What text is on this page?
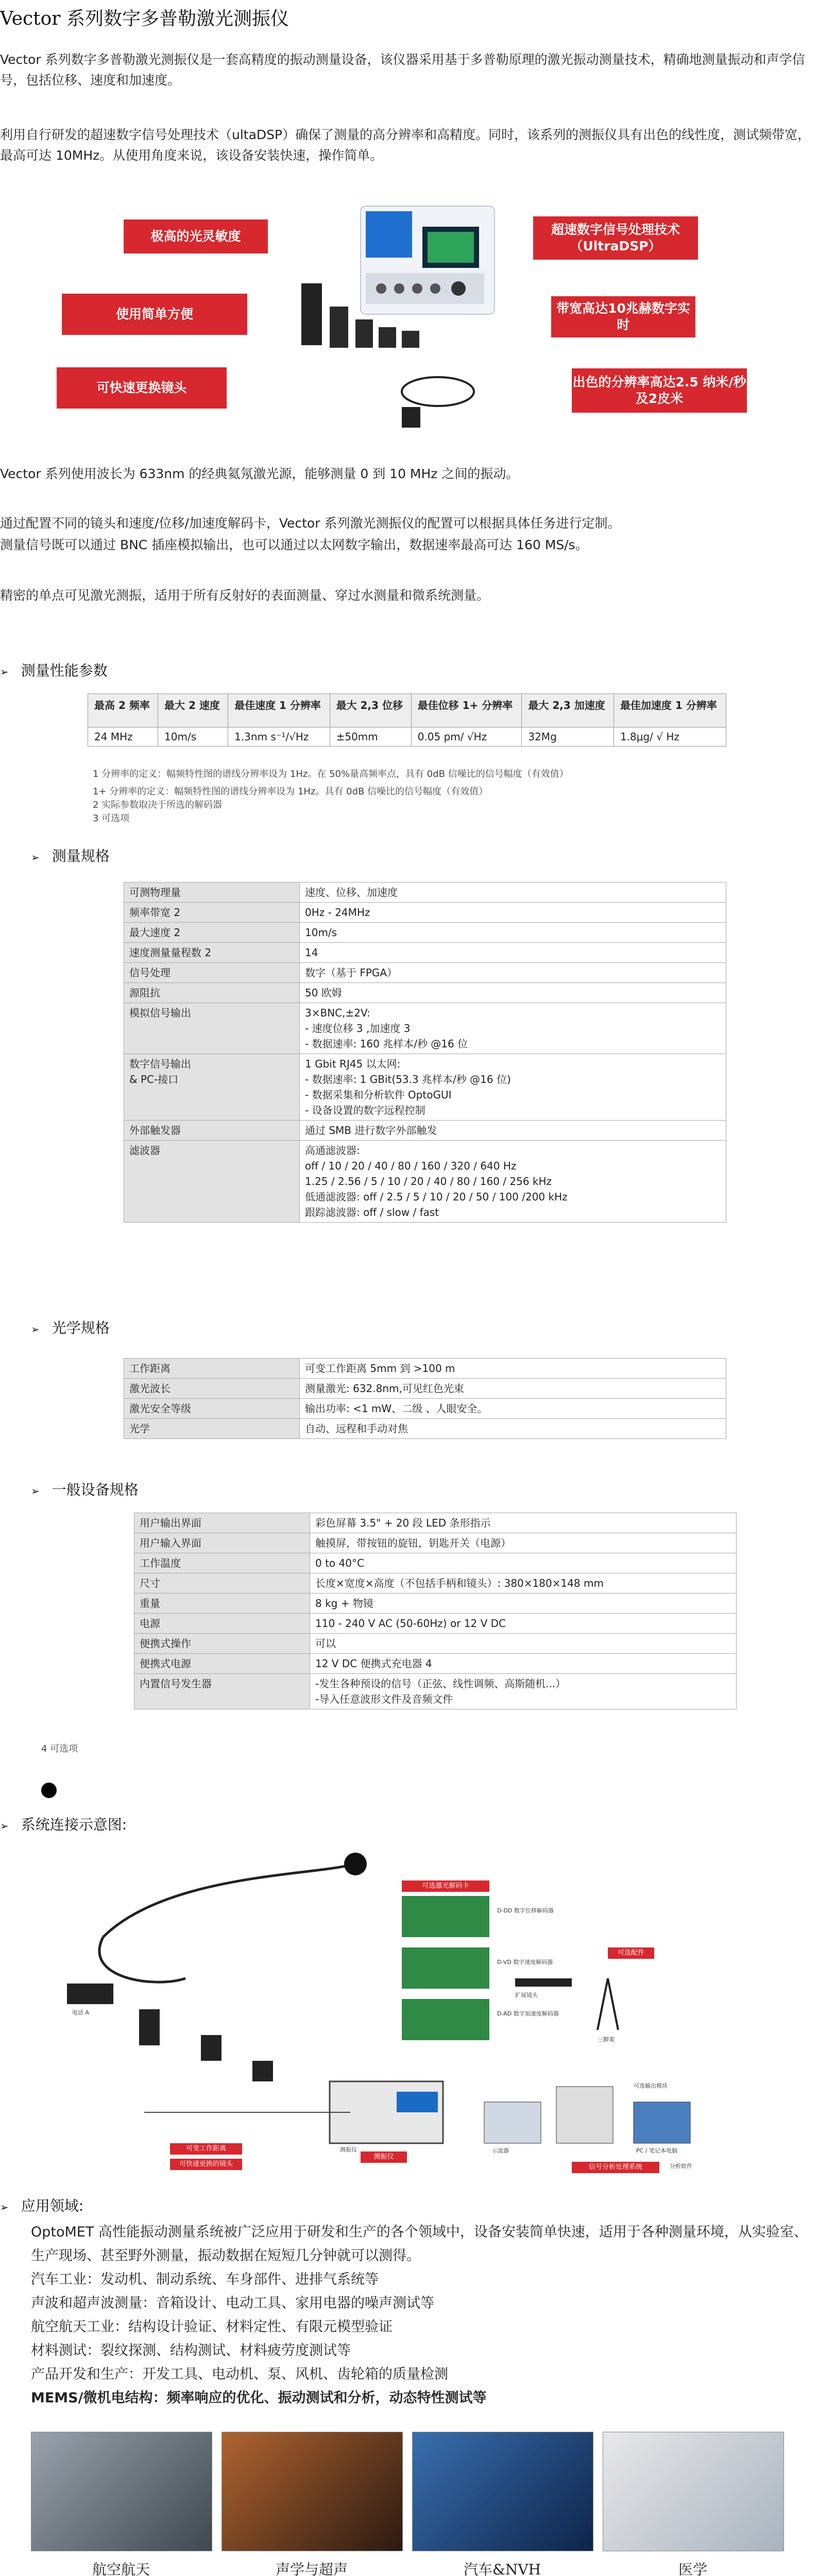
Vector 系列数字多普勒激光测振仪
Vector 系列数字多普勒激光测振仪是一套高精度的振动测量设备，该仪器采用基于多普勒原理的激光振动测量技术，精确地测量振动和声学信号，包括位移、速度和加速度。
利用自行研发的超速数字信号处理技术（ultaDSP）确保了测量的高分辨率和高精度。同时，该系列的测振仪具有出色的线性度，测试频带宽，最高可达 10MHz。从使用角度来说，该设备安装快速，操作简单。
极高的光灵敏度
使用简单方便
可快速更换镜头
超速数字信号处理技术（UltraDSP）
带宽高达10兆赫数字实时
出色的分辨率高达2.5 纳米/秒及2皮米
Vector 系列使用波长为 633nm 的经典氦氖激光源，能够测量 0 到 10 MHz 之间的振动。
通过配置不同的镜头和速度/位移/加速度解码卡，Vector 系列激光测振仪的配置可以根据具体任务进行定制。
测量信号既可以通过 BNC 插座模拟输出，也可以通过以太网数字输出，数据速率最高可达 160 MS/s。
精密的单点可见激光测振，适用于所有反射好的表面测量、穿过水测量和微系统测量。
➢ 测量性能参数
最高 2 频率	最大 2 速度	最佳速度 1 分辨率	最大 2,3 位移	最佳位移 1+ 分辨率	最大 2,3 加速度	最佳加速度 1 分辨率
24 MHz	10m/s	1.3nm s⁻¹/√Hz	±50mm	0.05 pm/ √Hz	32Mg	1.8μg/ √ Hz
1 分辨率的定义：幅频特性图的谱线分辨率设为 1Hz。在 50%量高频率点，具有 0dB 信噪比的信号幅度（有效值）
1+ 分辨率的定义：幅频特性图的谱线分辨率设为 1Hz。具有 0dB 信噪比的信号幅度（有效值）
2 实际参数取决于所选的解码器
3 可选项
➢ 测量规格
可测物理量	速度、位移、加速度
频率带宽 2	0Hz - 24MHz
最大速度 2	10m/s
速度测量量程数 2	14
信号处理	数字（基于 FPGA）
源阻抗	50 欧姆
模拟信号输出	3×BNC,±2V:
- 速度位移 3 ,加速度 3
- 数据速率: 160 兆样本/秒 @16 位
数字信号输出
& PC-接口	1 Gbit RJ45 以太网:
- 数据速率: 1 GBit(53.3 兆样本/秒 @16 位)
- 数据采集和分析软件 OptoGUI
- 设备设置的数字远程控制
外部触发器	通过 SMB 进行数字外部触发
滤波器	高通滤波器:
off / 10 / 20 / 40 / 80 / 160 / 320 / 640 Hz
1.25 / 2.56 / 5 / 10 / 20 / 40 / 80 / 160 / 256 kHz
低通滤波器: off / 2.5 / 5 / 10 / 20 / 50 / 100 /200 kHz
跟踪滤波器: off / slow / fast
➢ 光学规格
工作距离	可变工作距离 5mm 到 >100 m
激光波长	测量激光: 632.8nm,可见红色光束
激光安全等级	输出功率: <1 mW、二级 、人眼安全。
光学	自动、远程和手动对焦
➢ 一般设备规格
用户输出界面	彩色屏幕 3.5" + 20 段 LED 条形指示
用户输入界面	触摸屏，带按钮的旋钮，钥匙开关（电源）
工作温度	0 to 40°C
尺寸	长度×宽度×高度（不包括手柄和镜头）: 380×180×148 mm
重量	8 kg + 物镜
电源	110 - 240 V AC (50-60Hz) or 12 V DC
便携式操作	可以
便携式电源	12 V DC 便携式充电器 4
内置信号发生器	-发生各种预设的信号（正弦、线性调频、高斯随机...）
-导入任意波形文件及音频文件
4 可选项
➢ 系统连接示意图:
可选激光解码卡
可选配件
可变工作距离
可快速更换的镜头
测振仪
信号分析处理系统
D-DD 数字位移解码器
D-VD 数字速度解码器
D-AD 数字加速度解码器
电话 A
扩展镜头
三脚架
测振仪	示波器	PC / 笔记本电脑
分析软件
可选输出模块
➢ 应用领域:
OptoMET 高性能振动测量系统被广泛应用于研发和生产的各个领域中，设备安装简单快速，适用于各种测量环境，从实验室、生产现场、甚至野外测量，振动数据在短短几分钟就可以测得。
汽车工业：发动机、制动系统、车身部件、进排气系统等
声波和超声波测量：音箱设计、电动工具、家用电器的噪声测试等
航空航天工业：结构设计验证、材料定性、有限元模型验证
材料测试：裂纹探测、结构测试、材料疲劳度测试等
产品开发和生产：开发工具、电动机、泵、风机、齿轮箱的质量检测
MEMS/微机电结构：频率响应的优化、振动测试和分析，动态特性测试等
航空航天	声学与超声	汽车&NVH	医学
